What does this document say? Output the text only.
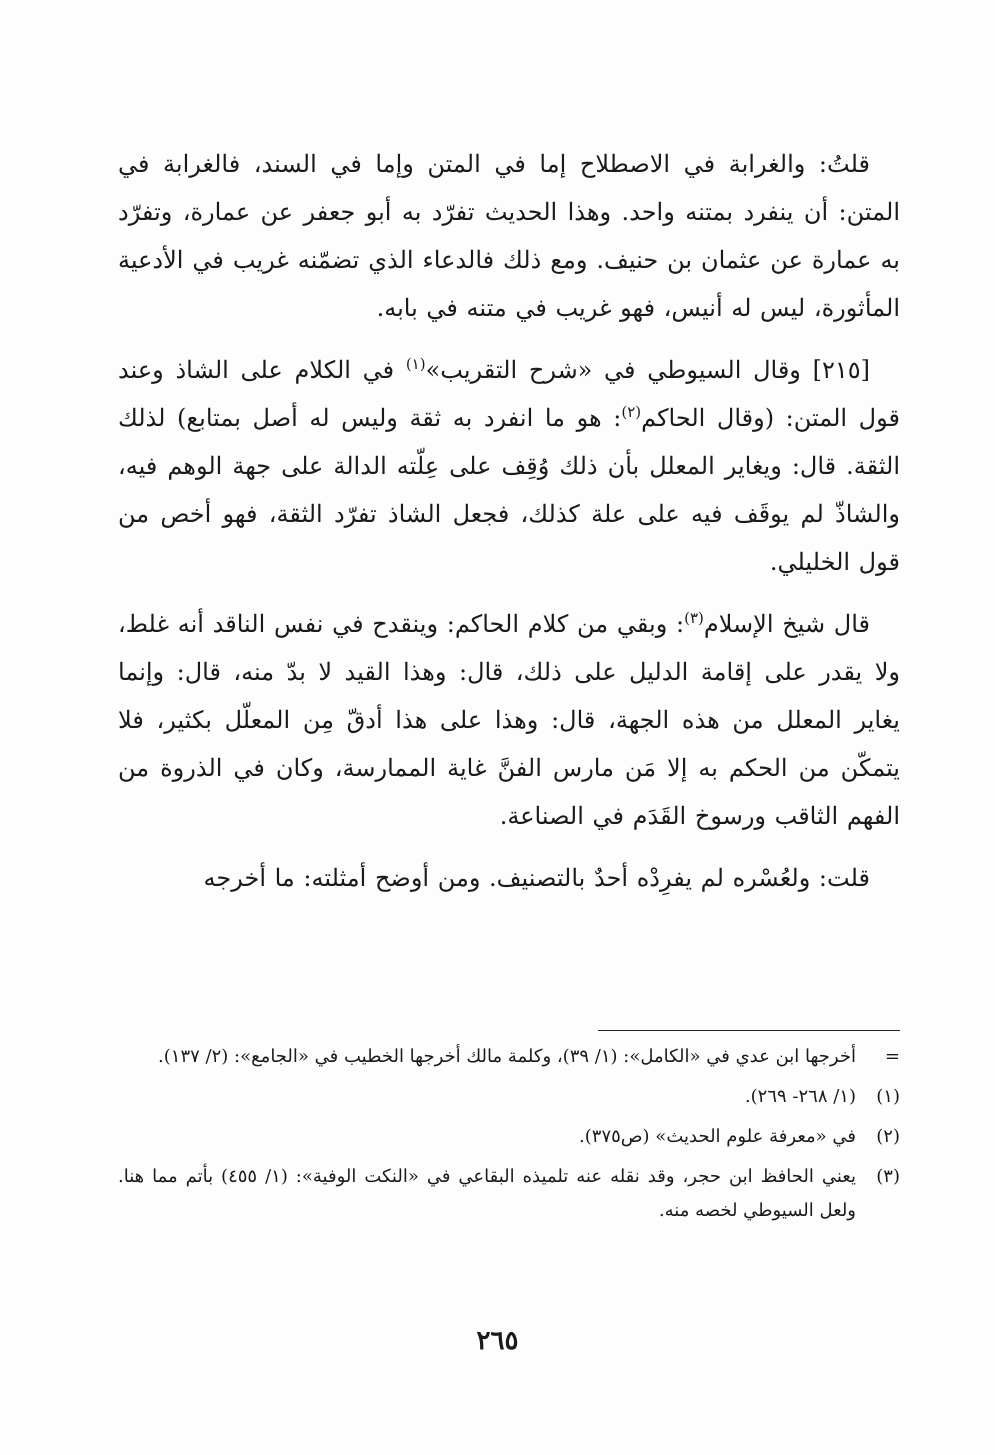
قلتُ: والغرابة في الاصطلاح إما في المتن وإما في السند، فالغرابة في المتن: أن ينفرد بمتنه واحد. وهذا الحديث تفرّد به أبو جعفر عن عمارة، وتفرّد به عمارة عن عثمان بن حنيف. ومع ذلك فالدعاء الذي تضمّنه غريب في الأدعية المأثورة، ليس له أنيس، فهو غريب في متنه في بابه.

[٢١٥] وقال السيوطي في «شرح التقريب»$^{(١)}$ في الكلام على الشاذ وعند قول المتن: (وقال الحاكم$^{(٢)}$: هو ما انفرد به ثقة وليس له أصل بمتابع) لذلك الثقة. قال: ويغاير المعلل بأن ذلك وُقِف على عِلّته الدالة على جهة الوهم فيه، والشاذّ لم يوقَف فيه على علة كذلك، فجعل الشاذ تفرّد الثقة، فهو أخص من قول الخليلي.

قال شيخ الإسلام$^{(٣)}$: وبقي من كلام الحاكم: وينقدح في نفس الناقد أنه غلط، ولا يقدر على إقامة الدليل على ذلك، قال: وهذا القيد لا بدّ منه، قال: وإنما يغاير المعلل من هذه الجهة، قال: وهذا على هذا أدقّ مِن المعلّل بكثير، فلا يتمكّن من الحكم به إلا مَن مارس الفنَّ غاية الممارسة، وكان في الذروة من الفهم الثاقب ورسوخ القَدَم في الصناعة.

قلت: ولعُسْره لم يفرِدْه أحدٌ بالتصنيف. ومن أوضح أمثلته: ما أخرجه

=
أخرجها ابن عدي في «الكامل»: (١/ ٣٩)، وكلمة مالك أخرجها الخطيب في «الجامع»: (٢/ ١٣٧).
(١)
(١/ ٢٦٨- ٢٦٩).
(٢)
في «معرفة علوم الحديث» (ص٣٧٥).
(٣)
يعني الحافظ ابن حجر، وقد نقله عنه تلميذه البقاعي في «النكت الوفية»: (١/ ٤٥٥) بأتم مما هنا. ولعل السيوطي لخصه منه.
٢٦٥
